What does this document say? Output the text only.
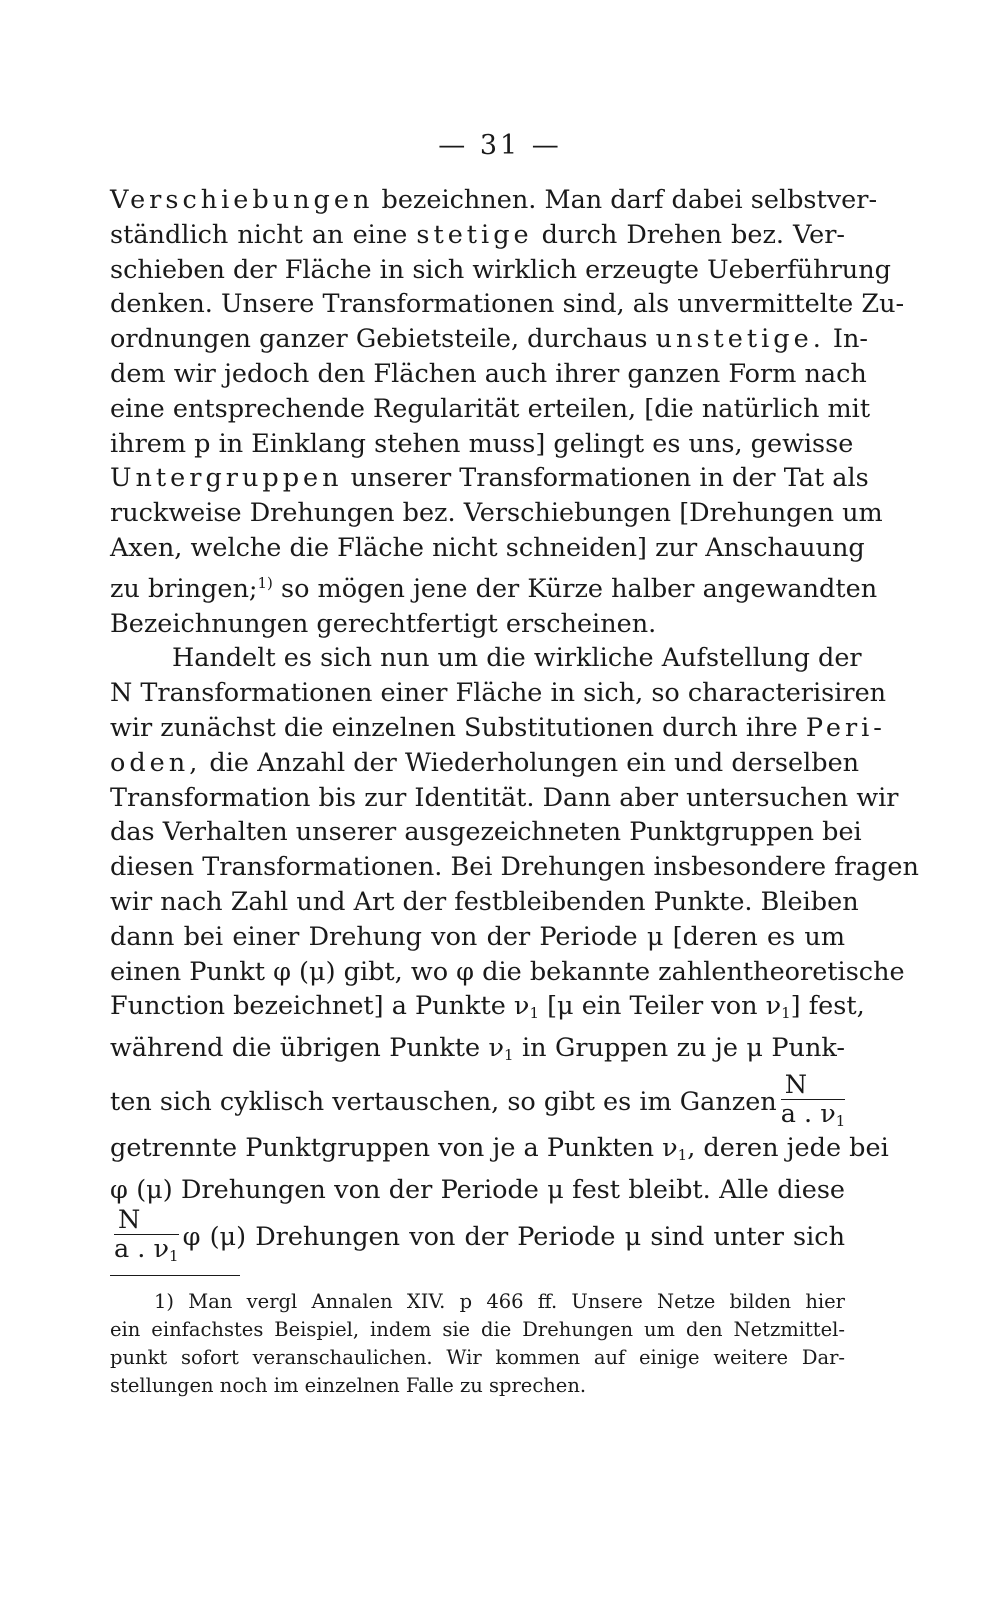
— 31 —
Verschiebungen bezeichnen. Man darf dabei selbstver-
ständlich nicht an eine stetige durch Drehen bez. Ver-
schieben der Fläche in sich wirklich erzeugte Ueberführung
denken. Unsere Transformationen sind, als unvermittelte Zu-
ordnungen ganzer Gebietsteile, durchaus unstetige. In-
dem wir jedoch den Flächen auch ihrer ganzen Form nach
eine entsprechende Regularität erteilen, [die natürlich mit
ihrem p in Einklang stehen muss] gelingt es uns, gewisse
Untergruppen unserer Transformationen in der Tat als
ruckweise Drehungen bez. Verschiebungen [Drehungen um
Axen, welche die Fläche nicht schneiden] zur Anschauung
zu bringen;$^{1)}$ so mögen jene der Kürze halber angewandten
Bezeichnungen gerechtfertigt erscheinen.
Handelt es sich nun um die wirkliche Aufstellung der
N Transformationen einer Fläche in sich, so characterisiren
wir zunächst die einzelnen Substitutionen durch ihre Peri-
oden, die Anzahl der Wiederholungen ein und derselben
Transformation bis zur Identität. Dann aber untersuchen wir
das Verhalten unserer ausgezeichneten Punktgruppen bei
diesen Transformationen. Bei Drehungen insbesondere fragen
wir nach Zahl und Art der festbleibenden Punkte. Bleiben
dann bei einer Drehung von der Periode μ [deren es um
einen Punkt φ (μ) gibt, wo φ die bekannte zahlentheoretische
Function bezeichnet] a Punkte $\nu_1$ [μ ein Teiler von $\nu_1$] fest,
während die übrigen Punkte $\nu_1$ in Gruppen zu je μ Punk-
ten sich cyklisch vertauschen, so gibt es im Ganzen $\frac{N}{a . \nu_1}$
getrennte Punktgruppen von je a Punkten $\nu_1$, deren jede bei
φ (μ) Drehungen von der Periode μ fest bleibt. Alle diese
$\frac{N}{a . \nu_1}$ φ (μ) Drehungen von der Periode μ sind unter sich
1) Man vergl Annalen XIV. p 466 ff. Unsere Netze bilden hier
ein einfachstes Beispiel, indem sie die Drehungen um den Netzmittel-
punkt sofort veranschaulichen. Wir kommen auf einige weitere Dar-
stellungen noch im einzelnen Falle zu sprechen.
